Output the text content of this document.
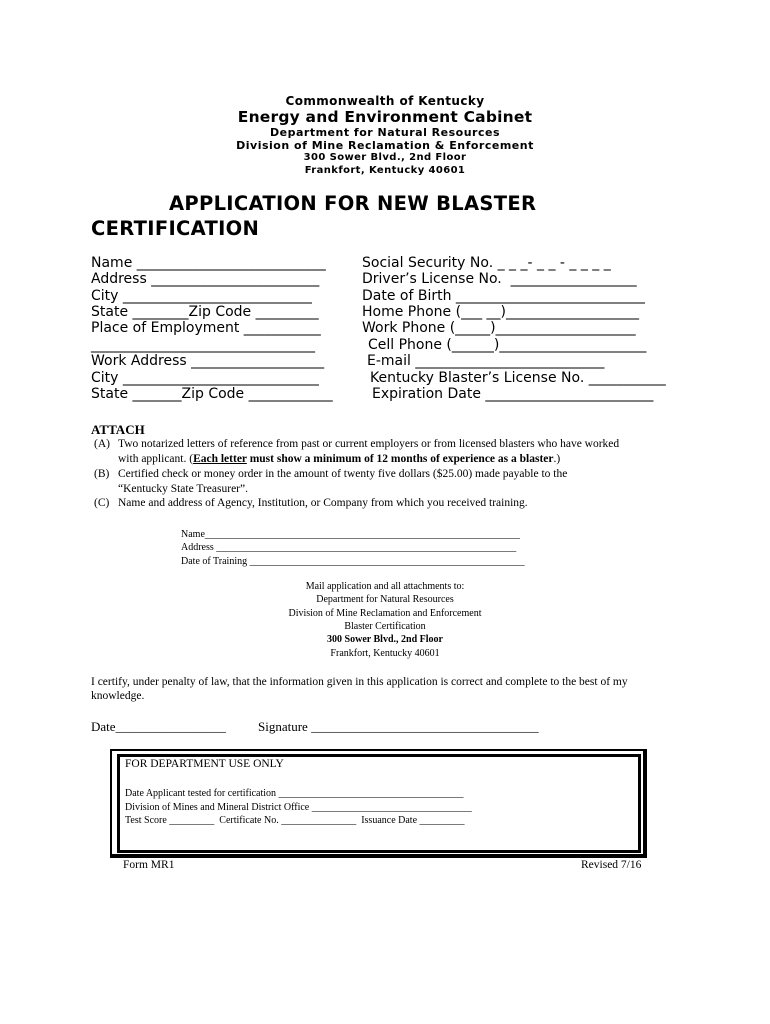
Commonwealth of Kentucky
Energy and Environment Cabinet
Department for Natural Resources
Division of Mine Reclamation & Enforcement
300 Sower Blvd., 2nd Floor
Frankfort, Kentucky 40601
APPLICATION FOR NEW BLASTER
CERTIFICATION
Name ___________________________
Address ________________________
City ___________________________
State ________Zip Code _________
Place of Employment ___________
________________________________
Work Address ___________________
City ____________________________
State _______Zip Code ____________
Social Security No. _ _ _- _ _ - _ _ _ _
Driver’s License No.  __________________
Date of Birth ___________________________
Home Phone (___ __)___________________
Work Phone (_____)____________________
Cell Phone (______)_____________________
E-mail ___________________________
Kentucky Blaster’s License No. ___________
Expiration Date ________________________
ATTACH
(A) Two notarized letters of reference from past or current employers or from licensed blasters who have worked
with applicant. (Each letter must show a minimum of 12 months of experience as a blaster.)
(B) Certified check or money order in the amount of twenty five dollars ($25.00) made payable to the
“Kentucky State Treasurer”.
(C) Name and address of Agency, Institution, or Company from which you received training.
Name_______________________________________________________________
Address ____________________________________________________________
Date of Training _______________________________________________________
Mail application and all attachments to:
Department for Natural Resources
Division of Mine Reclamation and Enforcement
Blaster Certification
300 Sower Blvd., 2nd Floor
Frankfort, Kentucky 40601
I certify, under penalty of law, that the information given in this application is correct and complete to the best of my
knowledge.
Date_________________ Signature ___________________________________
FOR DEPARTMENT USE ONLY
Date Applicant tested for certification _____________________________________
Division of Mines and Mineral District Office ________________________________
Test Score _________  Certificate No. _______________  Issuance Date _________
Form MR1	Revised 7/16
